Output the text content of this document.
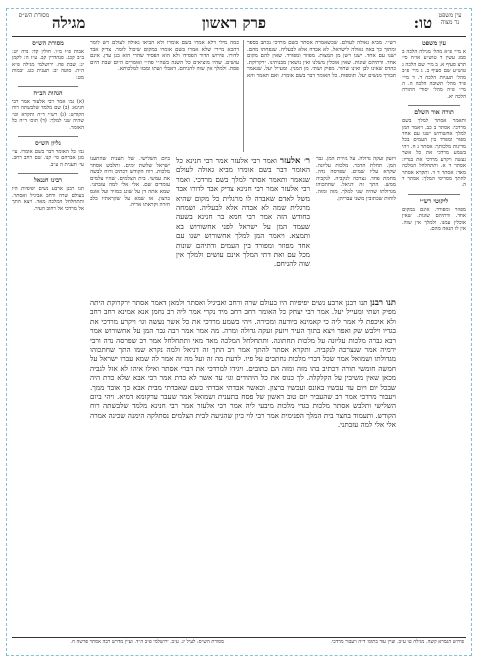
עין משפט נר מצוה
טו:
פרק ראשון
מגילה
מסורת הש״ס
עין משפט
א מיי׳ פ״א מהל׳ מגילה הלכה ב סמג עשין ד טוש״ע או״ח סי׳ תרצ סעיף א. ב מיי׳ שם הלכה ג טוש״ע שם סעיף ב. ג מיי׳ פ״ב מהל׳ תעניות הלכה ד. ד מיי׳ פ״ד מהל׳ תשובה הלכה ה. ה מיי׳ פ״ה מהל׳ יסודי התורה הלכה יא.
תורה אור השלם
ותאמר אסתר למלך בשם מרדכי: אסתר ב כב. ויאמר המן למלך אחשורוש ישנו עם אחד מפזר ומפרד בין העמים בכל מדינות מלכותך: אסתר ג ח. ויהי בשמע מרדכי את כל אשר נעשה ויקרע מרדכי את בגדיו: אסתר ד א. ותתחלחל המלכה מאד: אסתר ד ד. ותקרא אסתר להתך מסריסי המלך: אסתר ד ה.
ליקוטי רש״י
מפוזר ומפורד. אינם במקום אחד. ודתיהם שונות. שאין אוכלין עמנו. ולמלך אין שוה. אין לו הנאה מהם.
רש״י. מביא גאולה לעולם. שכשאמרה אסתר בשם מרדכי נכתב בספר ומתוך כך באה גאולה לישראל. לא אבדה אלא לבעליה. שנפחתו מהם. ישנו עם אחד. ישנו וישן מן המצות. מפוזר ומפורד. שאין להם מקום אחד. ודתיהם שונות. שאין אוכלין משלנו ואין נושאין מבנותינו. ירקרוקת. כהדס שאינו לבן ואינו שחור. מפיק ושתי. מן המנין. ומעייל יעל. שנאמר תבורך מנשים יעל. תוספות. כל האומר דבר בשם אומרו. ואם תאמר והא כמה מילי דלא אמרו בשם אומרו ולא הביאו גאולה לעולם ויש לומר דהכא מיירי שלא אמרו בשם אומרו במקום שיכול לומר. צדיק אבד לדורו. פירוש הדור הפסידו ולא הוא הפסיד שהרי הוא בגן עדן. אינם עושים. שהיו מוציאים כל השנה בשה״י פה״י ואומרים היום שבת היום פסח. ולמלך אין שוה להניחם. דאכלי ושתו ומבזו למלכותא.
ויזעק זעקה גדולה. על גזירת המן. גבר המן. תחלת הדבר. מלכות עליונה. שקרא עליו שמים. שפרסה נדה. מחמת פחד. נצרכה לנקביה. לנקביה ממש. התך זה דניאל. שחתכוהו מגדולתו שהיה שני למלך. מזה ומזה. לוחות שכתובין משני עבריהן.
ר׳ אלעזר ואמר רבי אלעזר אמר רבי חנינא כל האומר דבר בשם אומרו מביא גאולה לעולם שנאמר ותאמר אסתר למלך בשם מרדכי. ואמר רבי אלעזר אמר רבי חנינא צדיק אבד לדורו אבד משל לאדם שאבדה לו מרגלית כל מקום שהיא מרגלית שמה לא אבדה אלא לבעליה. ושמחה בחודש הזה אמר רבי חמא בר חנינא בשעה שעמד המן על ישראל לפני אחשורוש בא ותמצא. ויאמר המן למלך אחשורוש ישנו עם אחד מפוזר ומפורד בין העמים ודתיהם שונות מכל עם ואת דתי המלך אינם עושים ולמלך אין שוה להניחם.
ביום השלישי. של תענית שהתענו ישראל שלשת ימים. ותלבש אסתר מלכות. רוח הקודש דכתיב ורוח לבשה את עמשי. בית הצלמים. שהיו צלמים עומדים שם. אלי אלי למה עזבתני. שמא אתה דן על שוגג כמזיד ועל אונס כרצון. או שמא על שקראתיו כלב חזרה וקראתו אריה.
תנו רבנן תנו רבנן ארבע נשים יפיפיות היו בעולם שרה ורחב ואביגיל ואסתר ולמאן דאמר אסתר ירקרוקת היתה מפיק ושתי ומעייל יעל. אמר רבי יצחק כל האומר רחב רחב מיד נקרי אמר ליה רב נחמן אנא אמינא רחב רחב ולא איכפת לי אמר ליה כי קאמינא ביודעה ומכירה. ויהי בשמע מרדכי את כל אשר נעשה וגו׳ ויקרע מרדכי את בגדיו וילבש שק ואפר ויצא בתוך העיר ויזעק זעקה גדולה ומרה. מה אמר אמר רבה גבר המן על אחשורוש אמר רבא גברה מלכות עליונה על מלכות תחתונה. ותתחלחל המלכה מאד מאי ותתחלחל אמר רב שפרסה נדה ורבי ירמיה אמר שנצרכה לנקביה. ותקרא אסתר להתך אמר רב התך זה דניאל ולמה נקרא שמו התך שחתכוהו מגדולתו ושמואל אמר שכל דברי מלכות נחתכים על פיו. לדעת מה זה ועל מה זה אמר לה שמא עברו ישראל על חמשה חומשי תורה דכתיב בהו מזה ומזה הם כתובים. ויגידו למרדכי את דברי אסתר ואילו איהו לא אזל לגביה מכאן שאין משיבין על הקלקלה. לך כנוס את כל היהודים וגו׳ עד אשר לא כדת אמר רבי אבא שלא כדת היה שבכל יום ויום עד עכשיו באונס ועכשיו ברצון. וכאשר אבדתי אבדתי כשם שאבדתי מבית אבא כך אובד ממך. ויעבור מרדכי אמר רב שהעביר יום טוב ראשון של פסח בתענית ושמואל אמר שעבר ערקומא דמיא. ויהי ביום השלישי ותלבש אסתר מלכות בגדי מלכות מיבעי ליה אמר רבי אלעזר אמר רבי חנינא מלמד שלבשתה רוח הקודש. ותעמוד בחצר בית המלך הפנימית אמר רבי לוי כיון שהגיעה לבית הצלמים נסתלקה הימנה שכינה אמרה אלי אלי למה עזבתני.
מסורת הש״ס
אבות פ״ו מ״ו. חולין קד: נדה יט: ב״ב קכג. סנהדרין קב. ע״ז ה: לקמן יג: שבת פח. ירושלמי מגילה פ״א ה״ה. סוטה יב: תענית כט. יבמות מט:
הגהות הב״ח
(א) גמ׳ אמר רבי אלעזר אמר רבי חנינא: (ב) שם מלמד שלבשתה רוח הקודש: (ג) רש״י ד״ה ותקרא וכו׳ שהיה שני למלך: (ד) תוס׳ ד״ה כל האומר.
גליון הש״ס
גמ׳ כל האומר דבר בשם אומרו. עי׳ מגן אברהם סי׳ קנו. שם רחב רחב. עי׳ תענית ה ע״ב.
רבינו חננאל
תנו רבנן ארבע נשים יפיפיות היו בעולם שרה ורחב אביגיל ואסתר. ותתחלחל המלכה מאד. ויצא התך אל מרדכי אל רחוב העיר.
פירוש הגמרא קשה. מגילה טו ע״ב. ועיין עוד בתוס׳ ד״ה ויעבור מרדכי.
מסורת הש״ס: לעיל יג. ע״ב. ירושלמי פ״ב ה״ד. ועיין מדרש רבה אסתר פרשה ח.
